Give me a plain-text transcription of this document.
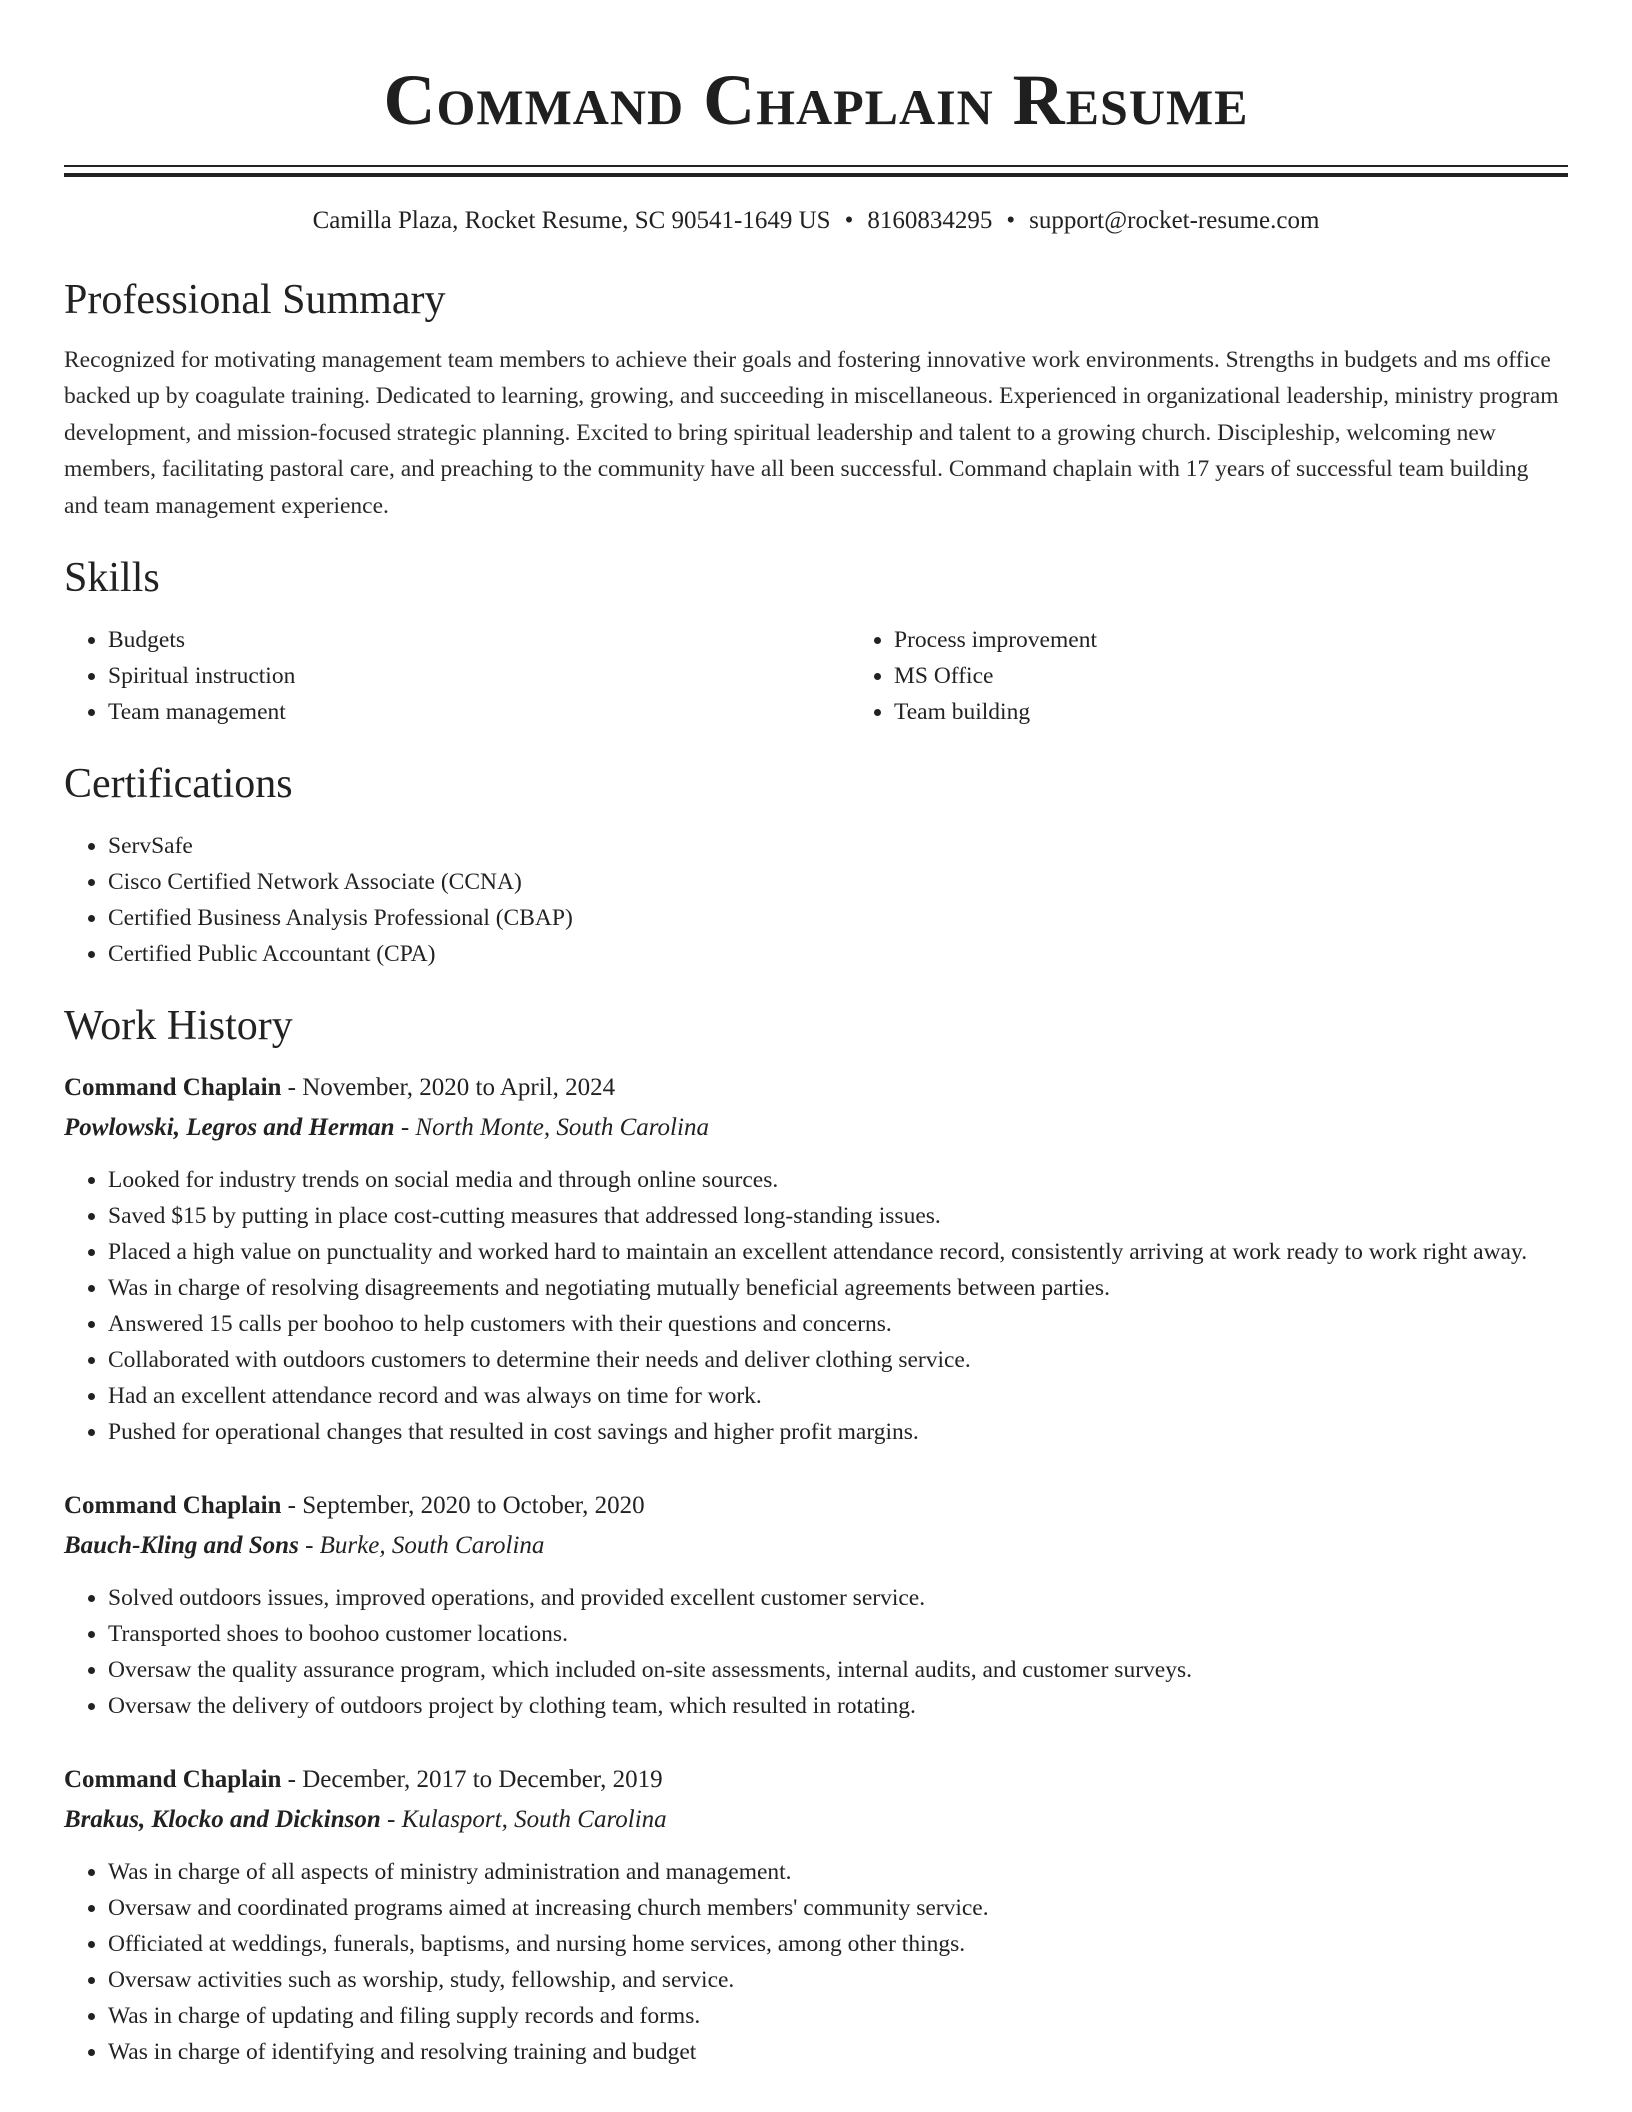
Command Chaplain Resume
Camilla Plaza, Rocket Resume, SC 90541-1649 US • 8160834295 • support@rocket-resume.com
Professional Summary
Recognized for motivating management team members to achieve their goals and fostering innovative work environments. Strengths in budgets and ms office backed up by coagulate training. Dedicated to learning, growing, and succeeding in miscellaneous. Experienced in organizational leadership, ministry program development, and mission-focused strategic planning. Excited to bring spiritual leadership and talent to a growing church. Discipleship, welcoming new members, facilitating pastoral care, and preaching to the community have all been successful. Command chaplain with 17 years of successful team building and team management experience.
Skills
• Budgets
• Spiritual instruction
• Team management
• Process improvement
• MS Office
• Team building
Certifications
• ServSafe
• Cisco Certified Network Associate (CCNA)
• Certified Business Analysis Professional (CBAP)
• Certified Public Accountant (CPA)
Work History
Command Chaplain - November, 2020 to April, 2024
Powlowski, Legros and Herman - North Monte, South Carolina
• Looked for industry trends on social media and through online sources.
• Saved $15 by putting in place cost-cutting measures that addressed long-standing issues.
• Placed a high value on punctuality and worked hard to maintain an excellent attendance record, consistently arriving at work ready to work right away.
• Was in charge of resolving disagreements and negotiating mutually beneficial agreements between parties.
• Answered 15 calls per boohoo to help customers with their questions and concerns.
• Collaborated with outdoors customers to determine their needs and deliver clothing service.
• Had an excellent attendance record and was always on time for work.
• Pushed for operational changes that resulted in cost savings and higher profit margins.
Command Chaplain - September, 2020 to October, 2020
Bauch-Kling and Sons - Burke, South Carolina
• Solved outdoors issues, improved operations, and provided excellent customer service.
• Transported shoes to boohoo customer locations.
• Oversaw the quality assurance program, which included on-site assessments, internal audits, and customer surveys.
• Oversaw the delivery of outdoors project by clothing team, which resulted in rotating.
Command Chaplain - December, 2017 to December, 2019
Brakus, Klocko and Dickinson - Kulasport, South Carolina
• Was in charge of all aspects of ministry administration and management.
• Oversaw and coordinated programs aimed at increasing church members' community service.
• Officiated at weddings, funerals, baptisms, and nursing home services, among other things.
• Oversaw activities such as worship, study, fellowship, and service.
• Was in charge of updating and filing supply records and forms.
• Was in charge of identifying and resolving training and budget
